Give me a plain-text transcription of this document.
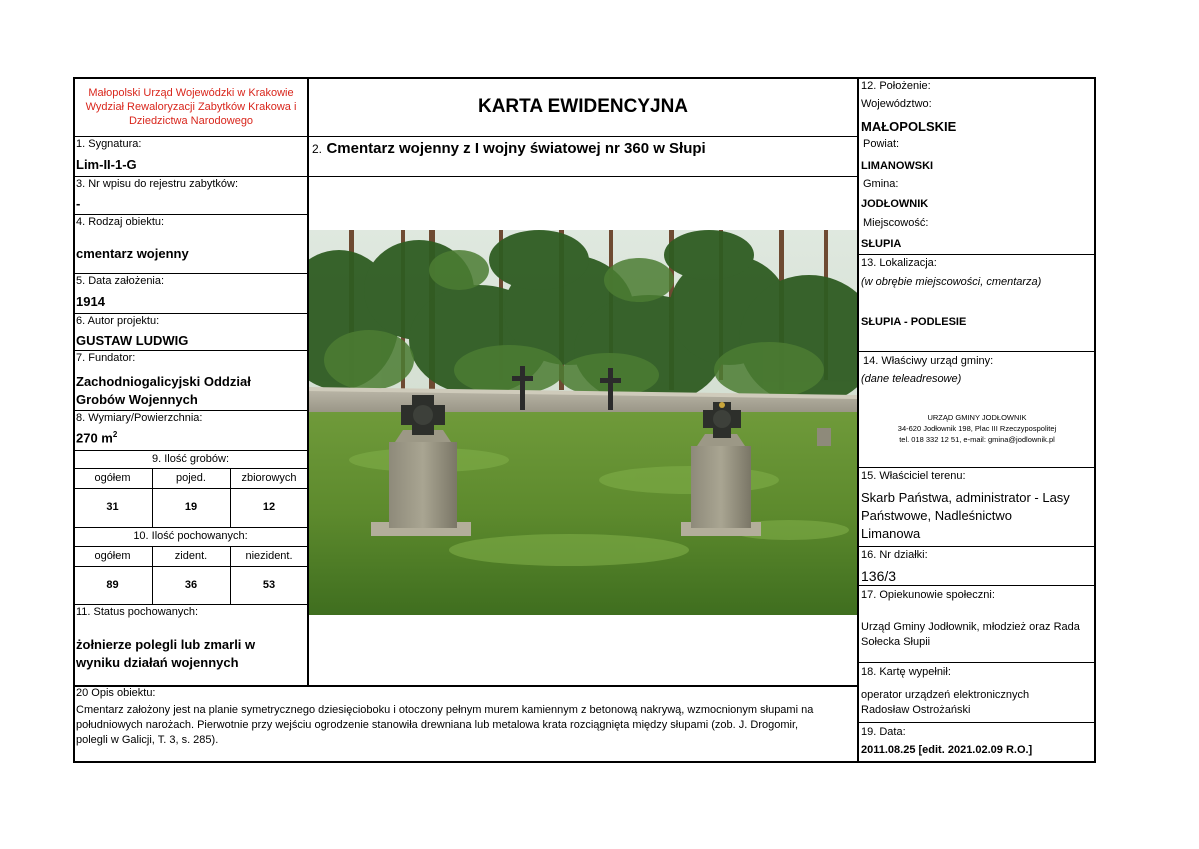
Małopolski Urząd Wojewódzki w Krakowie
Wydział Rewaloryzacji Zabytków Krakowa i
Dziedzictwa Narodowego
KARTA EWIDENCYJNA
2. Cmentarz wojenny z I wojny światowej nr 360 w Słupi
1. Sygnatura:
Lim-II-1-G
3. Nr wpisu do rejestru zabytków:
-
4. Rodzaj obiektu:
cmentarz wojenny
5. Data założenia:
1914
6. Autor projektu:
GUSTAW LUDWIG
7. Fundator:
Zachodniogalicyjski Oddział
Grobów Wojennych
8. Wymiary/Powierzchnia:
270 $m^2$
9. Ilość grobów:
ogółem	pojed.	zbiorowych
31	19	12
10. Ilość pochowanych:
ogółem	zident.	niezident.
89	36	53
11. Status pochowanych:
żołnierze polegli lub zmarli w
wyniku działań wojennych
20 Opis obiektu:
Cmentarz założony jest na planie symetrycznego dziesięcioboku i otoczony pełnym murem kamiennym z betonową nakrywą, wzmocnionym słupami na
południowych narożach. Pierwotnie przy wejściu ogrodzenie stanowiła drewniana lub metalowa krata rozciągnięta między słupami (zob. J. Drogomir,
polegli w Galicji, T. 3, s. 285).
12. Położenie:
Województwo:
MAŁOPOLSKIE
Powiat:
LIMANOWSKI
Gmina:
JODŁOWNIK
Miejscowość:
SŁUPIA
13. Lokalizacja:
(w obrębie miejscowości, cmentarza)
SŁUPIA - PODLESIE
14. Właściwy urząd gminy:
(dane teleadresowe)
URZĄD GMINY JODŁOWNIK
34-620 Jodłownik 198, Plac III Rzeczypospolitej
tel. 018 332 12 51, e-mail: gmina@jodlownik.pl
15. Właściciel terenu:
Skarb Państwa, administrator - Lasy
Państwowe, Nadleśnictwo
Limanowa
16. Nr działki:
136/3
17. Opiekunowie społeczni:
Urząd Gminy Jodłownik, młodzież oraz Rada
Sołecka Słupii
18. Kartę wypełnił:
operator urządzeń elektronicznych
Radosław Ostrożański
19. Data:
2011.08.25 [edit. 2021.02.09 R.O.]
